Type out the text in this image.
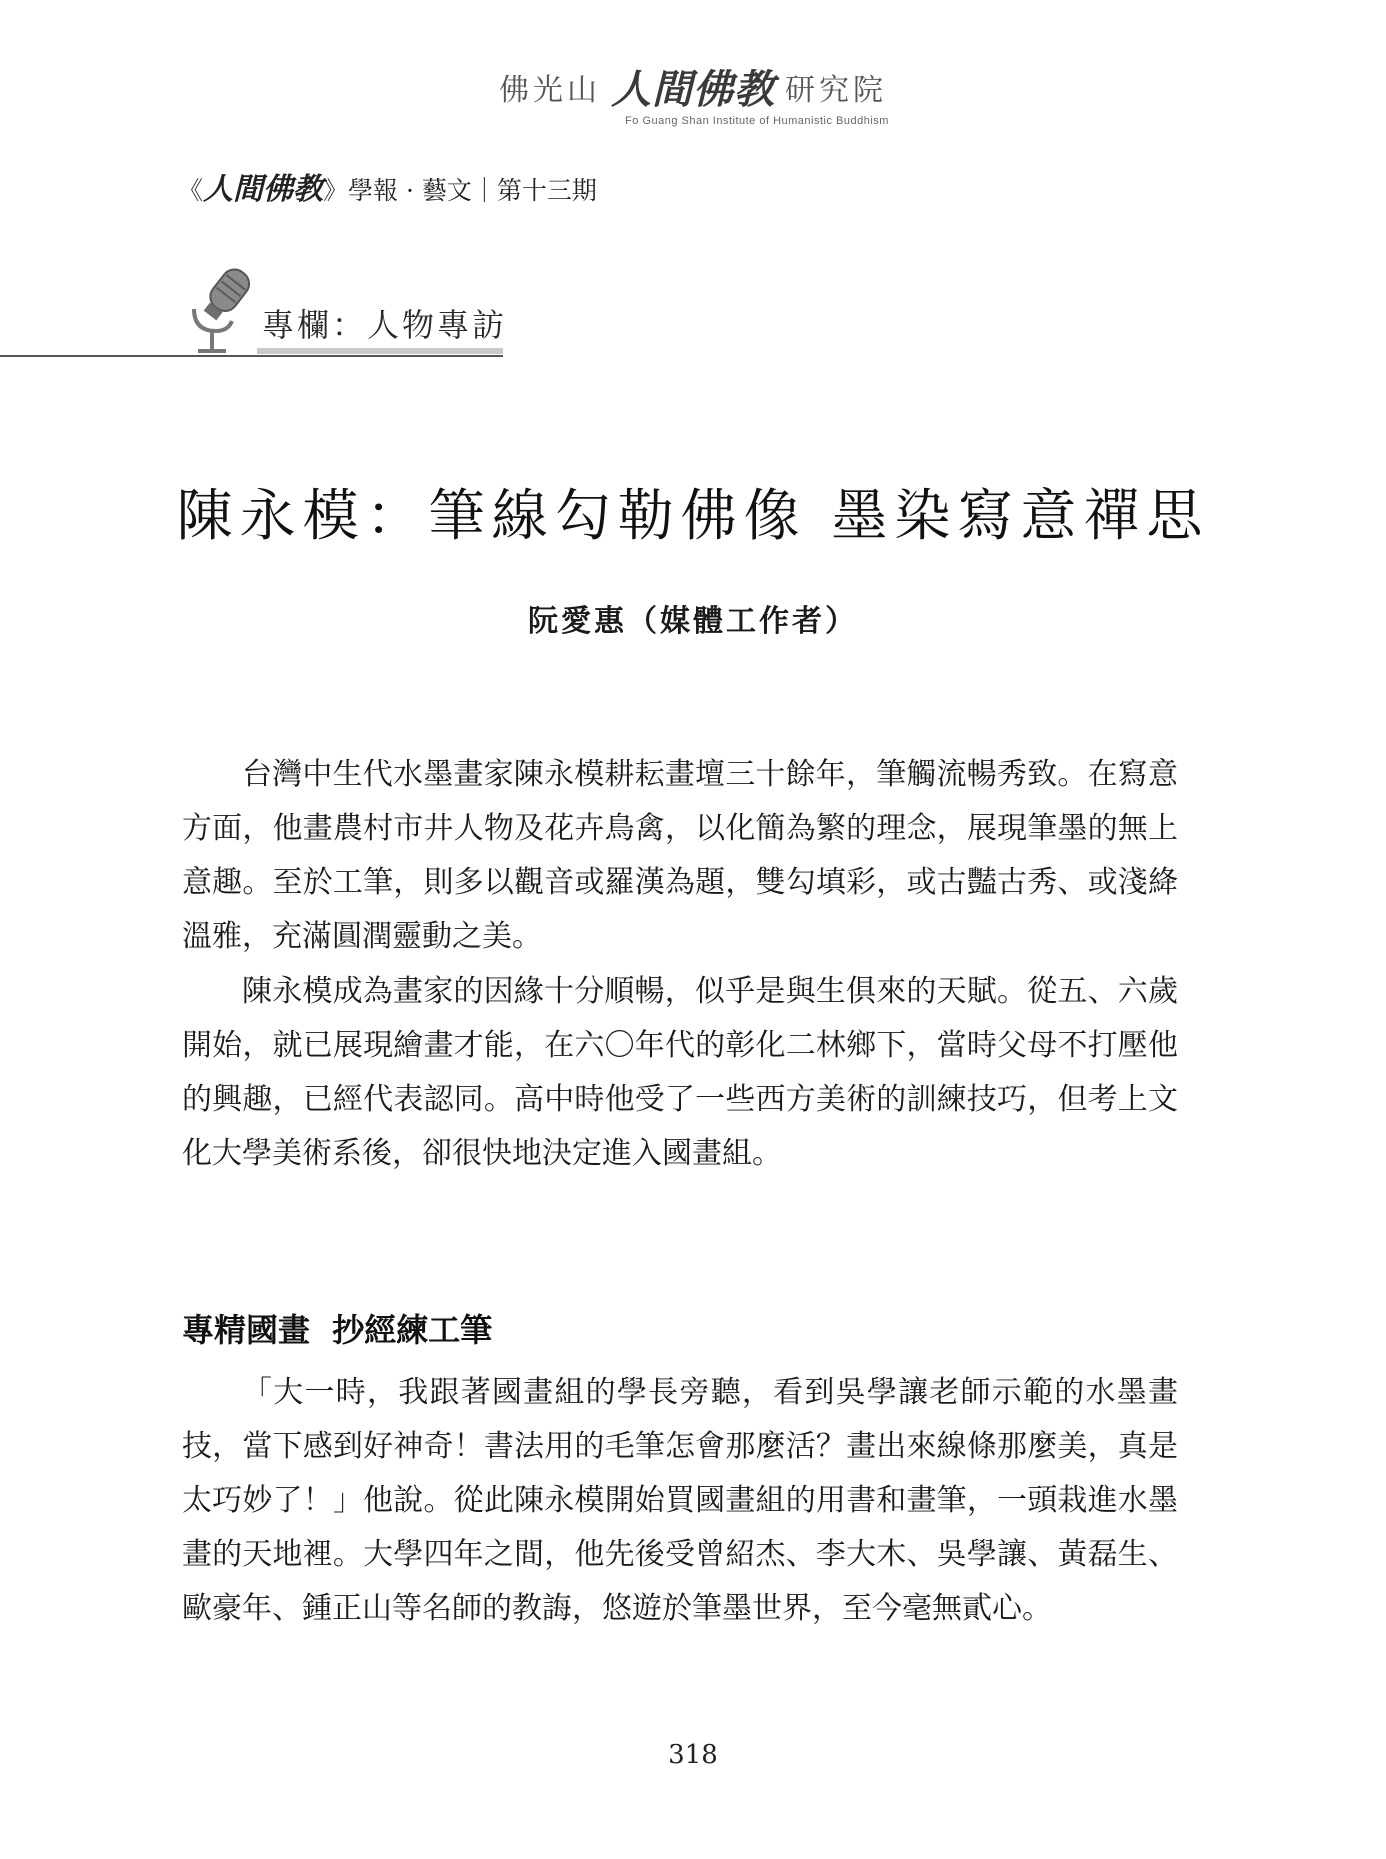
佛光山 人間佛教 研究院
Fo Guang Shan Institute of Humanistic Buddhism
《人間佛教》學報 · 藝文｜第十三期
專欄：人物專訪
陳永模：筆線勾勒佛像 墨染寫意禪思
阮愛惠（媒體工作者）

台灣中生代水墨畫家陳永模耕耘畫壇三十餘年，筆觸流暢秀致。在寫意方面，他畫農村市井人物及花卉鳥禽，以化簡為繁的理念，展現筆墨的無上意趣。至於工筆，則多以觀音或羅漢為題，雙勾填彩，或古豔古秀、或淺絳溫雅，充滿圓潤靈動之美。

陳永模成為畫家的因緣十分順暢，似乎是與生俱來的天賦。從五、六歲開始，就已展現繪畫才能，在六〇年代的彰化二林鄉下，當時父母不打壓他的興趣，已經代表認同。高中時他受了一些西方美術的訓練技巧，但考上文化大學美術系後，卻很快地決定進入國畫組。

專精國畫  抄經練工筆

「大一時，我跟著國畫組的學長旁聽，看到吳學讓老師示範的水墨畫技，當下感到好神奇！書法用的毛筆怎會那麼活？畫出來線條那麼美，真是太巧妙了！」他說。從此陳永模開始買國畫組的用書和畫筆，一頭栽進水墨畫的天地裡。大學四年之間，他先後受曾紹杰、李大木、吳學讓、黃磊生、歐豪年、鍾正山等名師的教誨，悠遊於筆墨世界，至今毫無貳心。

318
